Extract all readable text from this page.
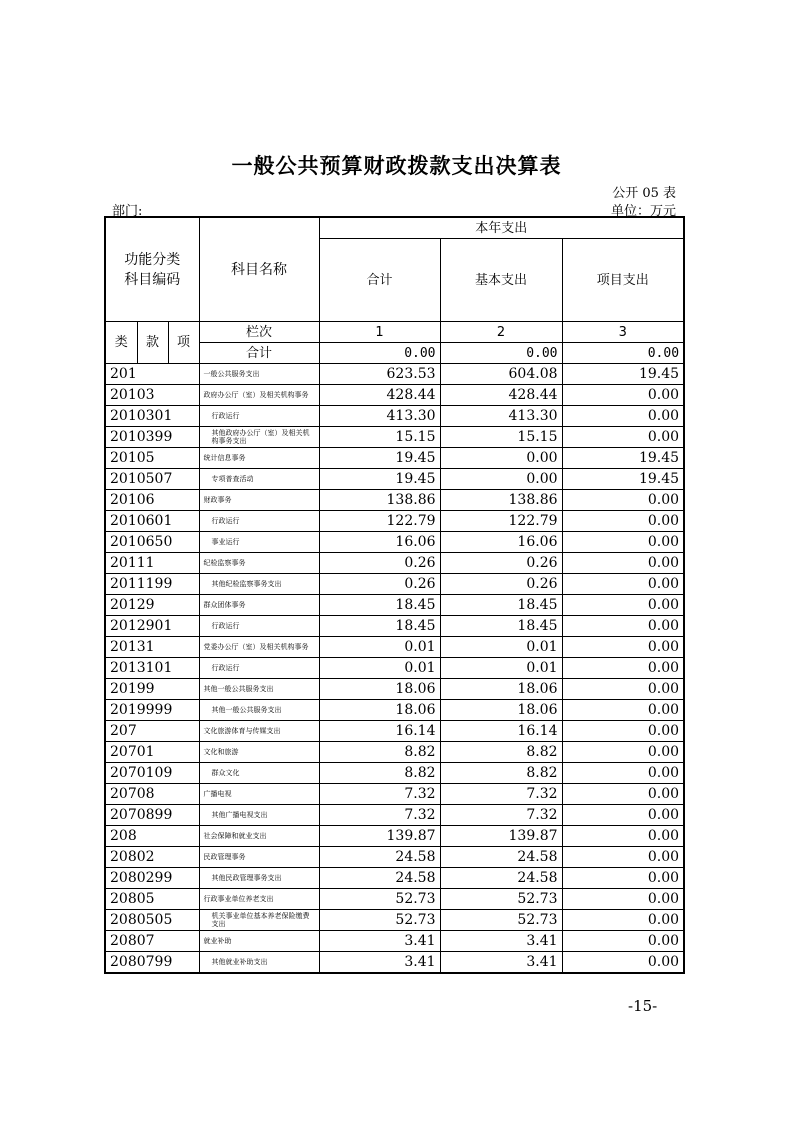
一般公共预算财政拨款支出决算表
公开 05 表
部门:	单位：万元
功能分类
科目编码			科目名称	本年支出		
				合计	基本支出	项目支出

类	款	项	栏次	1	2	3
			合计	0.00	0.00	0.00
201			一般公共服务支出	623.53	604.08	19.45
20103			政府办公厅（室）及相关机构事务	428.44	428.44	0.00
2010301			行政运行	413.30	413.30	0.00
2010399			其他政府办公厅（室）及相关机构事务支出	15.15	15.15	0.00
20105			统计信息事务	19.45	0.00	19.45
2010507			专项普查活动	19.45	0.00	19.45
20106			财政事务	138.86	138.86	0.00
2010601			行政运行	122.79	122.79	0.00
2010650			事业运行	16.06	16.06	0.00
20111			纪检监察事务	0.26	0.26	0.00
2011199			其他纪检监察事务支出	0.26	0.26	0.00
20129			群众团体事务	18.45	18.45	0.00
2012901			行政运行	18.45	18.45	0.00
20131			党委办公厅（室）及相关机构事务	0.01	0.01	0.00
2013101			行政运行	0.01	0.01	0.00
20199			其他一般公共服务支出	18.06	18.06	0.00
2019999			其他一般公共服务支出	18.06	18.06	0.00
207			文化旅游体育与传媒支出	16.14	16.14	0.00
20701			文化和旅游	8.82	8.82	0.00
2070109			群众文化	8.82	8.82	0.00
20708			广播电视	7.32	7.32	0.00
2070899			其他广播电视支出	7.32	7.32	0.00
208			社会保障和就业支出	139.87	139.87	0.00
20802			民政管理事务	24.58	24.58	0.00
2080299			其他民政管理事务支出	24.58	24.58	0.00
20805			行政事业单位养老支出	52.73	52.73	0.00
2080505			机关事业单位基本养老保险缴费支出	52.73	52.73	0.00
20807			就业补助	3.41	3.41	0.00
2080799			其他就业补助支出	3.41	3.41	0.00
-15-
